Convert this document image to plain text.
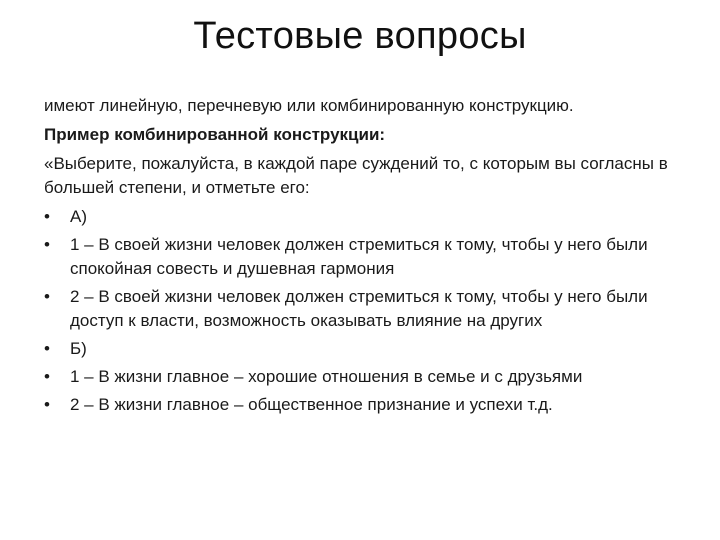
Тестовые вопросы

имеют линейную, перечневую или комбинированную конструкцию.

Пример комбинированной конструкции:

«Выберите, пожалуйста, в каждой паре суждений то, с которым вы согласны в большей степени, и отметьте его:

•	А)
•	1 – В своей жизни человек должен стремиться к тому, чтобы у него были спокойная совесть и душевная гармония
•	2 – В своей жизни человек должен стремиться к тому, чтобы у него были доступ к власти, возможность оказывать влияние на других
•	Б)
•	1 – В жизни главное – хорошие отношения в семье и с друзьями
•	2 – В жизни главное – общественное признание и успехи т.д.
